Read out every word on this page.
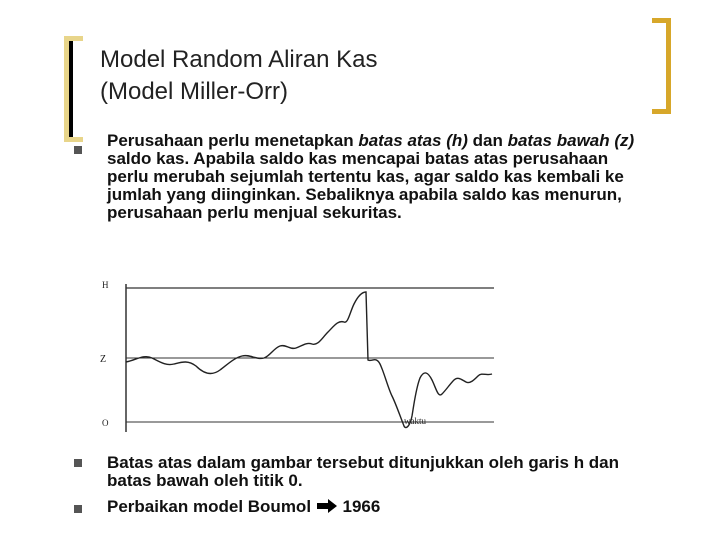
Model Random Aliran Kas
(Model Miller-Orr)
Perusahaan perlu menetapkan batas atas (h) dan batas bawah (z) saldo kas. Apabila saldo kas mencapai batas atas perusahaan perlu merubah sejumlah tertentu kas, agar saldo kas kembali ke jumlah yang diinginkan. Sebaliknya apabila saldo kas menurun, perusahaan perlu menjual sekuritas.
H
Z
O	waktu
Batas atas dalam gambar tersebut ditunjukkan oleh garis h dan batas bawah oleh titik 0.
Perbaikan model Boumol 1966
